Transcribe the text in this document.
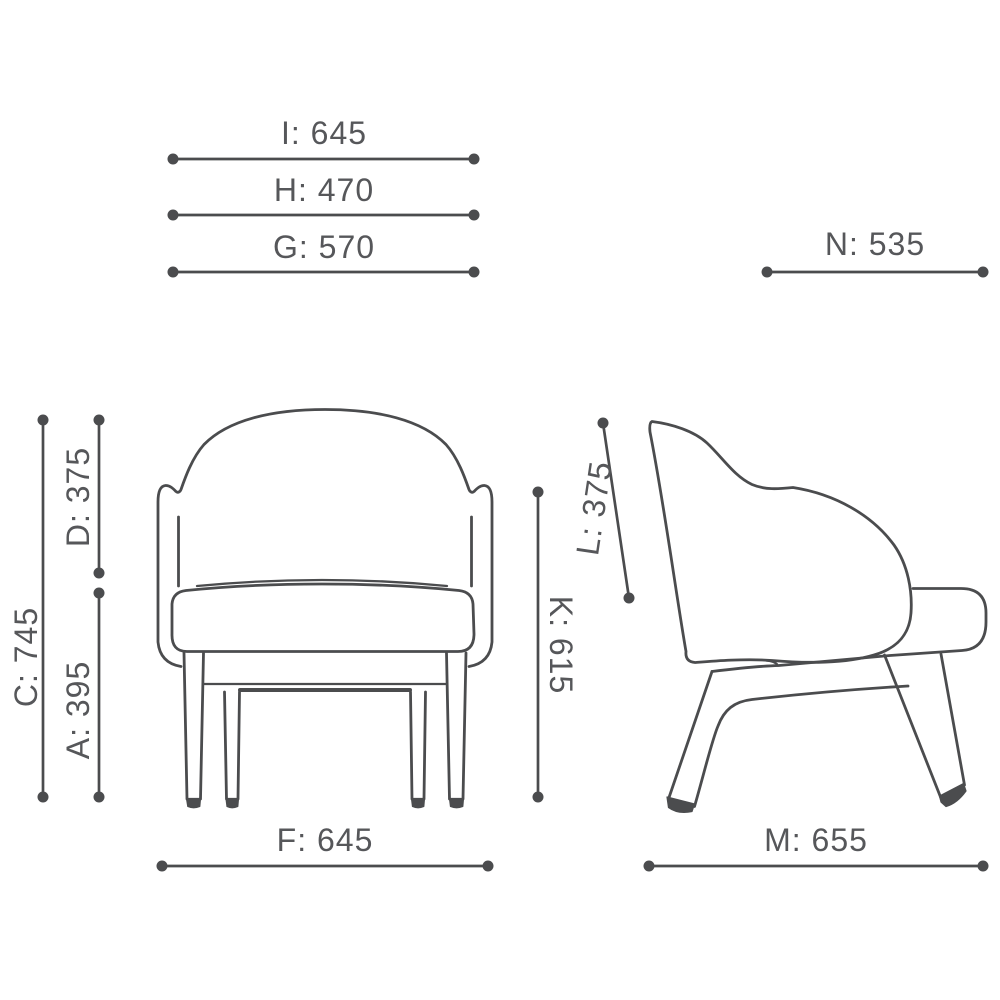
I: 645
H: 470
G: 570	N: 535
C: 745
D: 375
A: 395
K: 615
L: 375
F: 645	M: 655
